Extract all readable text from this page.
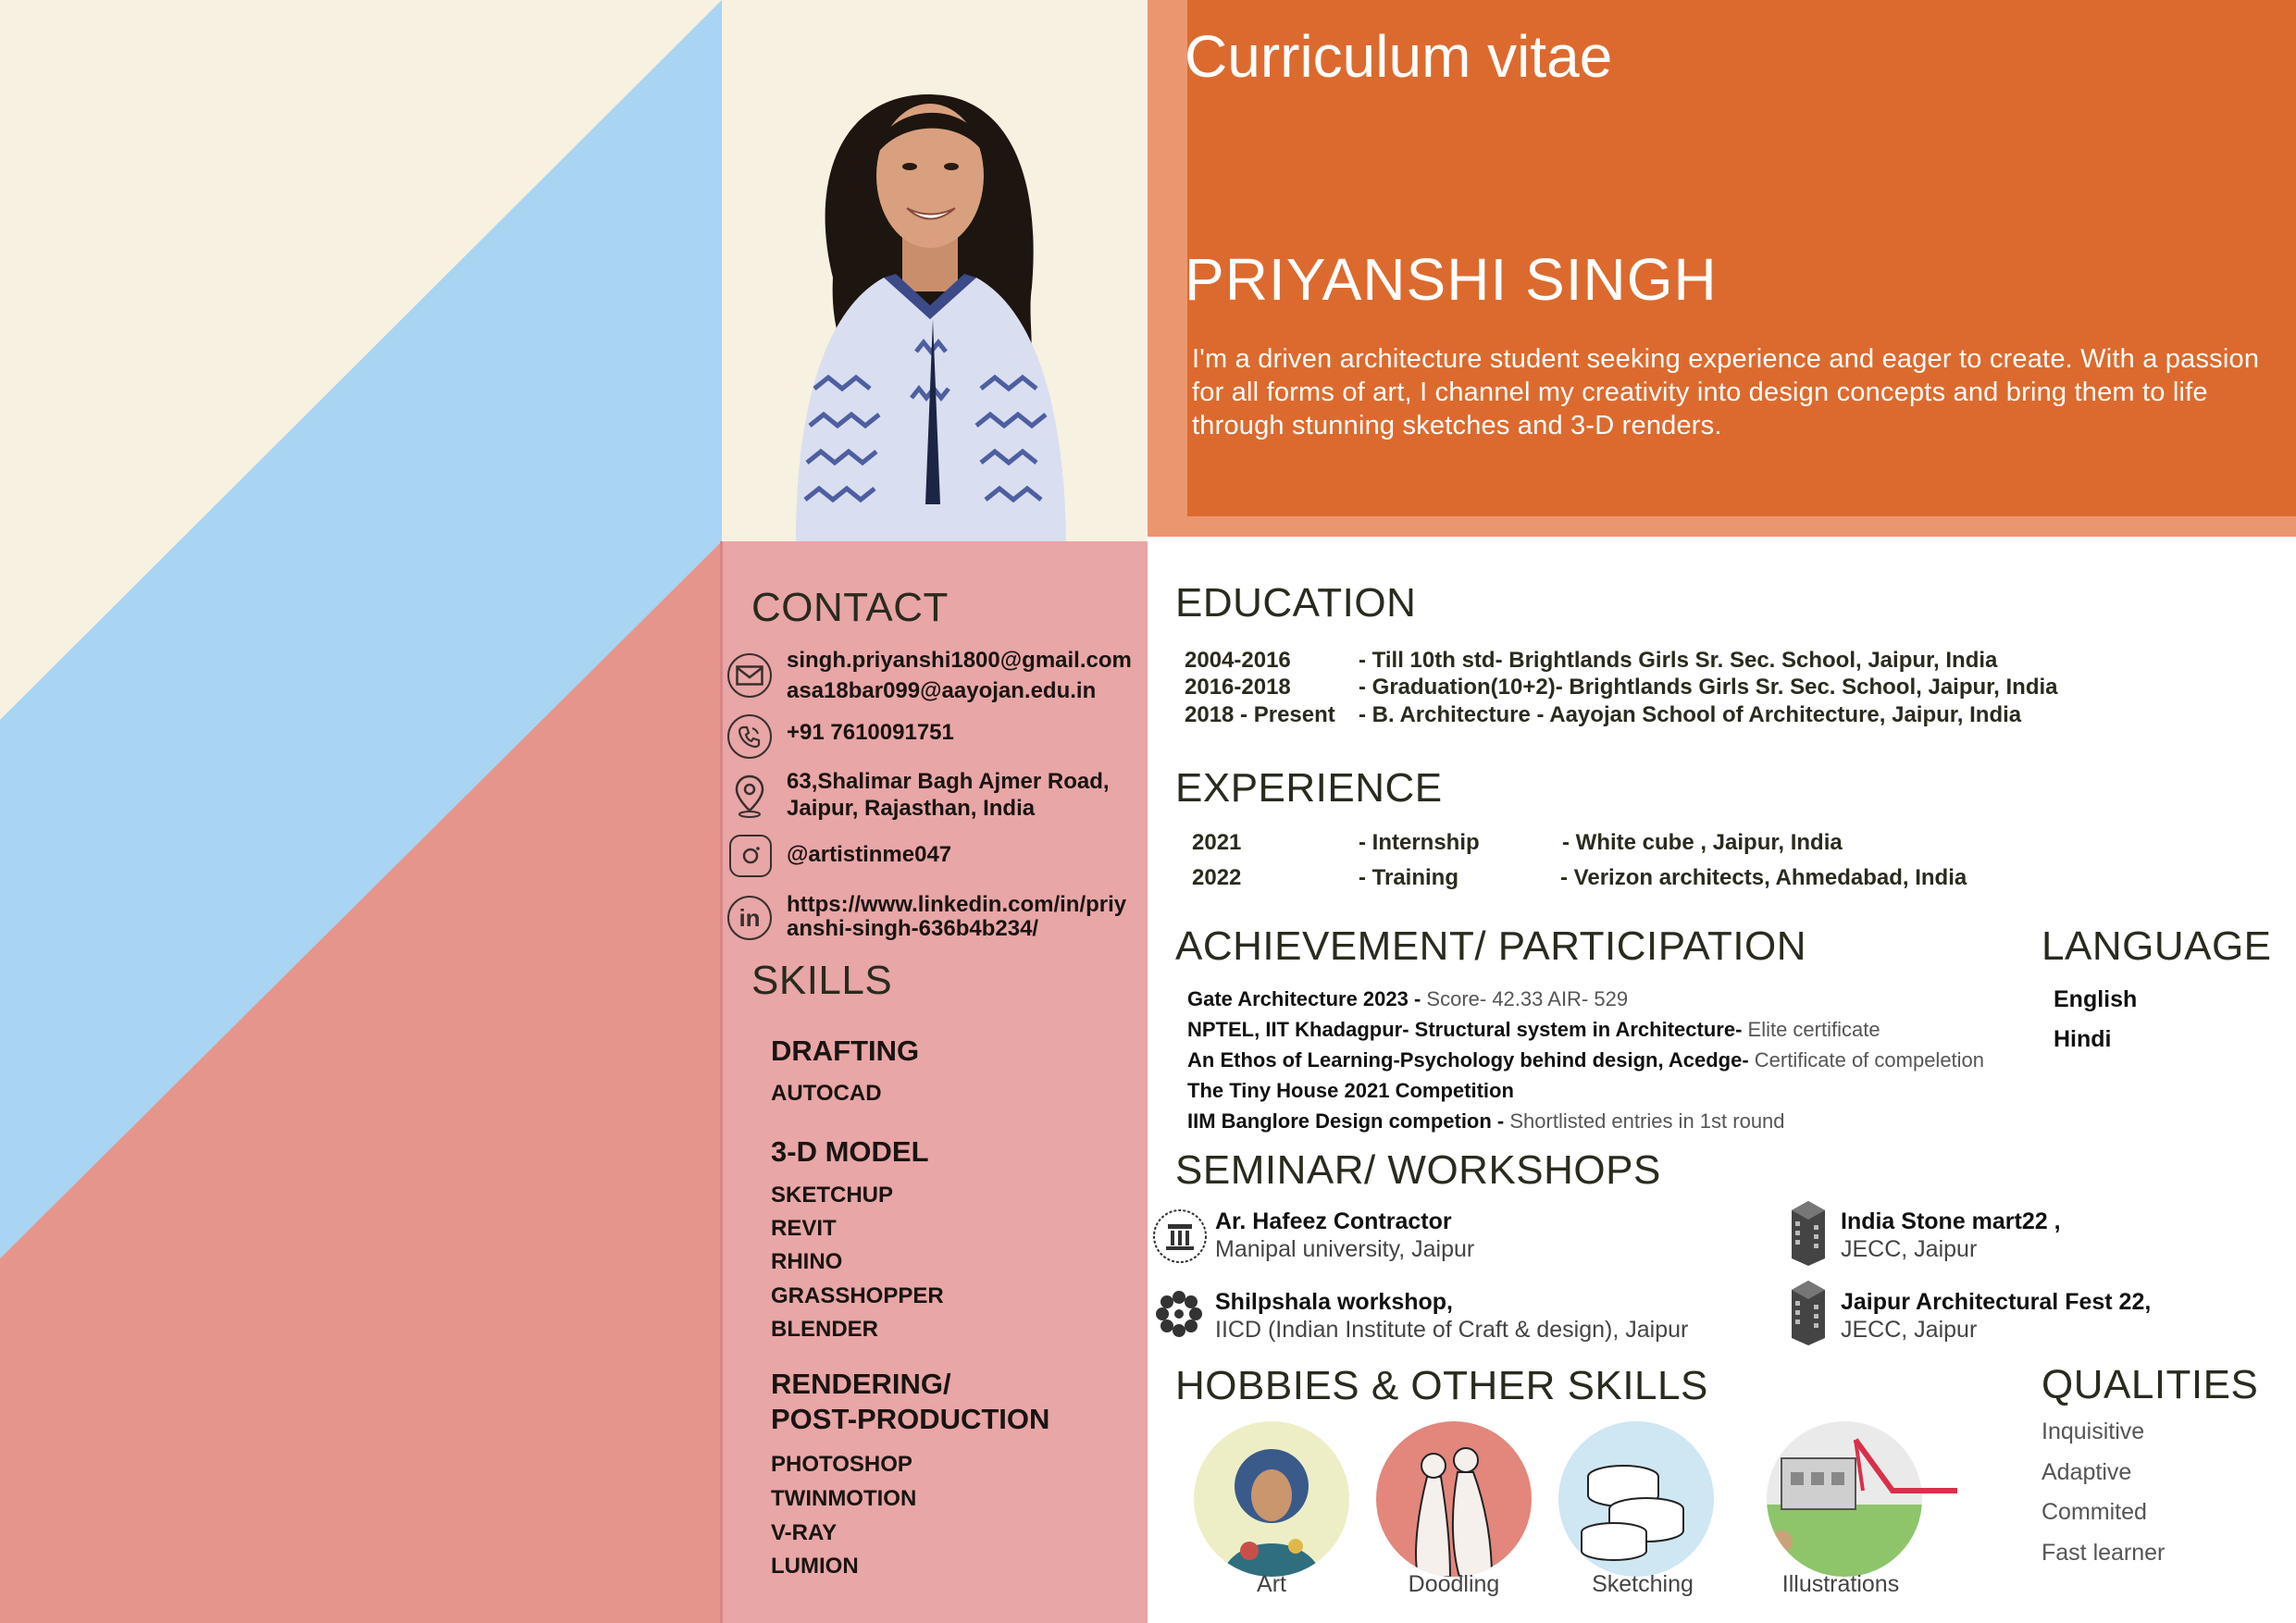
Curriculum vitae
PRIYANSHI SINGH
I'm a driven architecture student seeking experience and eager to create. With a passion for all forms of art, I channel my creativity into design concepts and bring them to life through stunning sketches and 3-D renders.
CONTACT
singh.priyanshi1800@gmail.com
asa18bar099@aayojan.edu.in
+91 7610091751
63,Shalimar Bagh Ajmer Road,
Jaipur, Rajasthan, India
@artistinme047
in https://www.linkedin.com/in/priy
anshi-singh-636b4b234/
SKILLS
DRAFTING
AUTOCAD
3-D MODEL
SKETCHUP
REVIT
RHINO
GRASSHOPPER
BLENDER
RENDERING/
POST-PRODUCTION
PHOTOSHOP
TWINMOTION
V-RAY
LUMION
EDUCATION
2004-2016	- Till 10th std- Brightlands Girls Sr. Sec. School, Jaipur, India
2016-2018	- Graduation(10+2)- Brightlands Girls Sr. Sec. School, Jaipur, India
2018 - Present - B. Architecture - Aayojan School of Architecture, Jaipur, India
EXPERIENCE
2021	- Internship	- White cube , Jaipur, India
2022	- Training	- Verizon architects, Ahmedabad, India
ACHIEVEMENT/ PARTICIPATION
Gate Architecture 2023 - Score- 42.33 AIR- 529
NPTEL, IIT Khadagpur- Structural system in Architecture- Elite certificate
An Ethos of Learning-Psychology behind design, Acedge- Certificate of compeletion
The Tiny House 2021 Competition
IIM Banglore Design competion - Shortlisted entries in 1st round
LANGUAGE
English
Hindi
SEMINAR/ WORKSHOPS
Ar. Hafeez Contractor
Manipal university, Jaipur
Shilpshala workshop,
IICD (Indian Institute of Craft & design), Jaipur
India Stone mart22 ,
JECC, Jaipur
Jaipur Architectural Fest 22,
JECC, Jaipur
HOBBIES & OTHER SKILLS
Art	Doodling	Sketching	Illustrations
QUALITIES
Inquisitive
Adaptive
Commited
Fast learner
